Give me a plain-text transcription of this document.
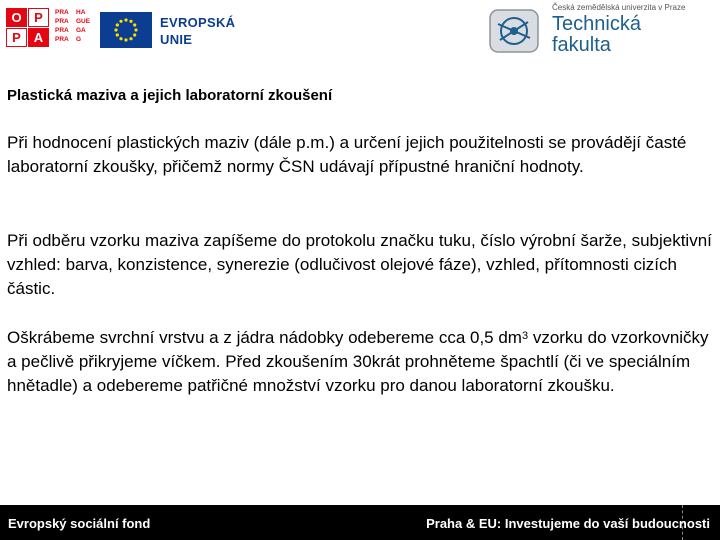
O P
P A
PRA	HA
PRA	GUE
PRA	GA
PRA	G
EVROPSKÁ
UNIE
Česká zemědělská univerzita v Praze
Technická
fakulta
Plastická maziva a jejich laboratorní zkoušení

Při hodnocení plastických maziv (dále p.m.) a určení jejich použitelnosti se provádějí časté laboratorní zkoušky, přičemž normy ČSN udávají přípustné hraniční hodnoty.

Při odběru vzorku maziva zapíšeme do protokolu značku tuku, číslo výrobní šarže, subjektivní vzhled: barva, konzistence, synerezie (odlučivost olejové fáze), vzhled, přítomnosti cizích částic.

Oškrábeme svrchní vrstvu a z jádra nádobky odebereme cca 0,5 $dm^3$ vzorku do vzorkovničky a pečlivě přikryjeme víčkem. Před zkoušením 30krát prohněteme špachtlí (či ve speciálním hnětadle) a odebereme patřičné množství vzorku pro danou laboratorní zkoušku.

Evropský sociální fond	Praha & EU: Investujeme do vaší budoucnosti
